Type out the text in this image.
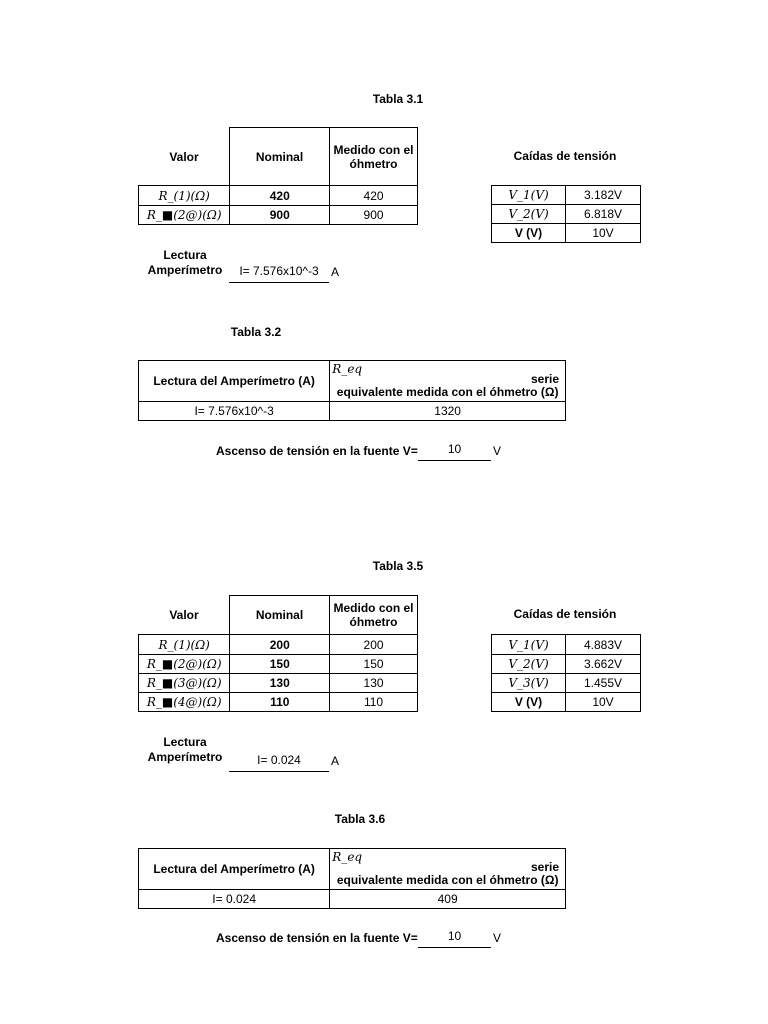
Tabla 3.1
Valor	Nominal	Medido con el óhmetro
𝑅_(1)(Ω)	420	420
𝑅_■(2@)(Ω)	900	900
Caídas de tensión
𝑉_1(V)	3.182V
𝑉_2(V)	6.818V
V (V)	10V
Lectura
Amperímetro	I= 7.576x10^-3	A
Tabla 3.2
Lectura del Amperímetro (A)	𝑅_𝑒𝑞
serie
equivalente medida con el óhmetro (Ω)

I= 7.576x10^-3	1320
Ascenso de tensión en la fuente V=	10	V
Tabla 3.5
Valor	Nominal	Medido con el óhmetro
𝑅_(1)(Ω)	200	200
𝑅_■(2@)(Ω)	150	150
𝑅_■(3@)(Ω)	130	130
𝑅_■(4@)(Ω)	110	110
Caídas de tensión
𝑉_1(V)	4.883V
𝑉_2(V)	3.662V
𝑉_3(V)	1.455V
V (V)	10V
Lectura
Amperímetro	I= 0.024	A
Tabla 3.6
Lectura del Amperímetro (A)	𝑅_𝑒𝑞
serie
equivalente medida con el óhmetro (Ω)

I= 0.024	409
Ascenso de tensión en la fuente V=	10	V
